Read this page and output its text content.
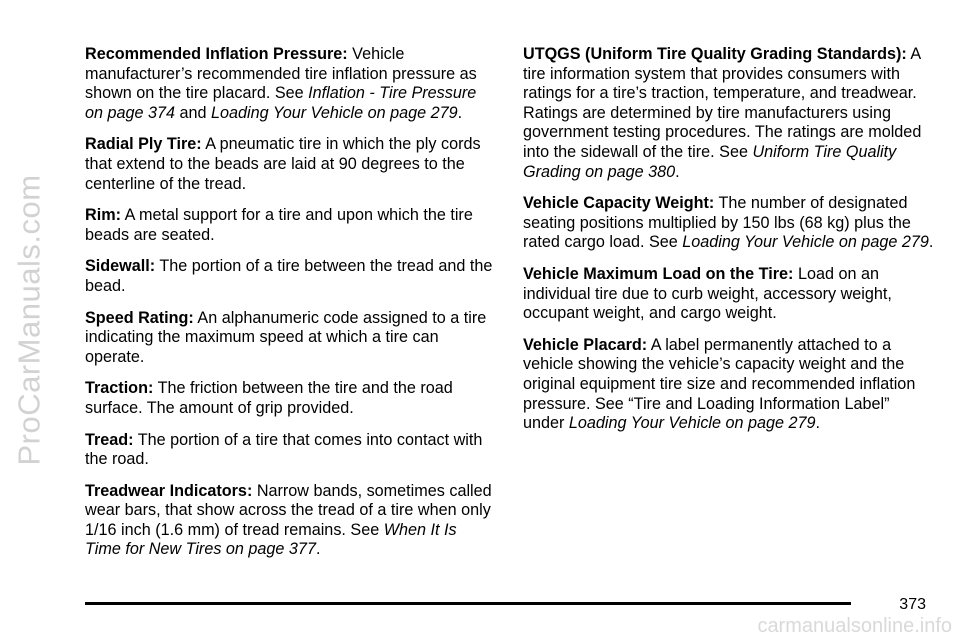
ProCarManuals.com

Recommended Inflation Pressure: Vehicle manufacturer’s recommended tire inflation pressure as shown on the tire placard. See Inflation - Tire Pressure on page 374 and Loading Your Vehicle on page 279.

Radial Ply Tire: A pneumatic tire in which the ply cords that extend to the beads are laid at 90 degrees to the centerline of the tread.

Rim: A metal support for a tire and upon which the tire beads are seated.

Sidewall: The portion of a tire between the tread and the bead.

Speed Rating: An alphanumeric code assigned to a tire indicating the maximum speed at which a tire can operate.

Traction: The friction between the tire and the road surface. The amount of grip provided.

Tread: The portion of a tire that comes into contact with the road.

Treadwear Indicators: Narrow bands, sometimes called wear bars, that show across the tread of a tire when only 1/16 inch (1.6 mm) of tread remains. See When It Is Time for New Tires on page 377.

UTQGS (Uniform Tire Quality Grading Standards): A tire information system that provides consumers with ratings for a tire’s traction, temperature, and treadwear. Ratings are determined by tire manufacturers using government testing procedures. The ratings are molded into the sidewall of the tire. See Uniform Tire Quality Grading on page 380.

Vehicle Capacity Weight: The number of designated seating positions multiplied by 150 lbs (68 kg) plus the rated cargo load. See Loading Your Vehicle on page 279.

Vehicle Maximum Load on the Tire: Load on an individual tire due to curb weight, accessory weight, occupant weight, and cargo weight.

Vehicle Placard: A label permanently attached to a vehicle showing the vehicle’s capacity weight and the original equipment tire size and recommended inflation pressure. See “Tire and Loading Information Label” under Loading Your Vehicle on page 279.

373
carmanualsonline.info
